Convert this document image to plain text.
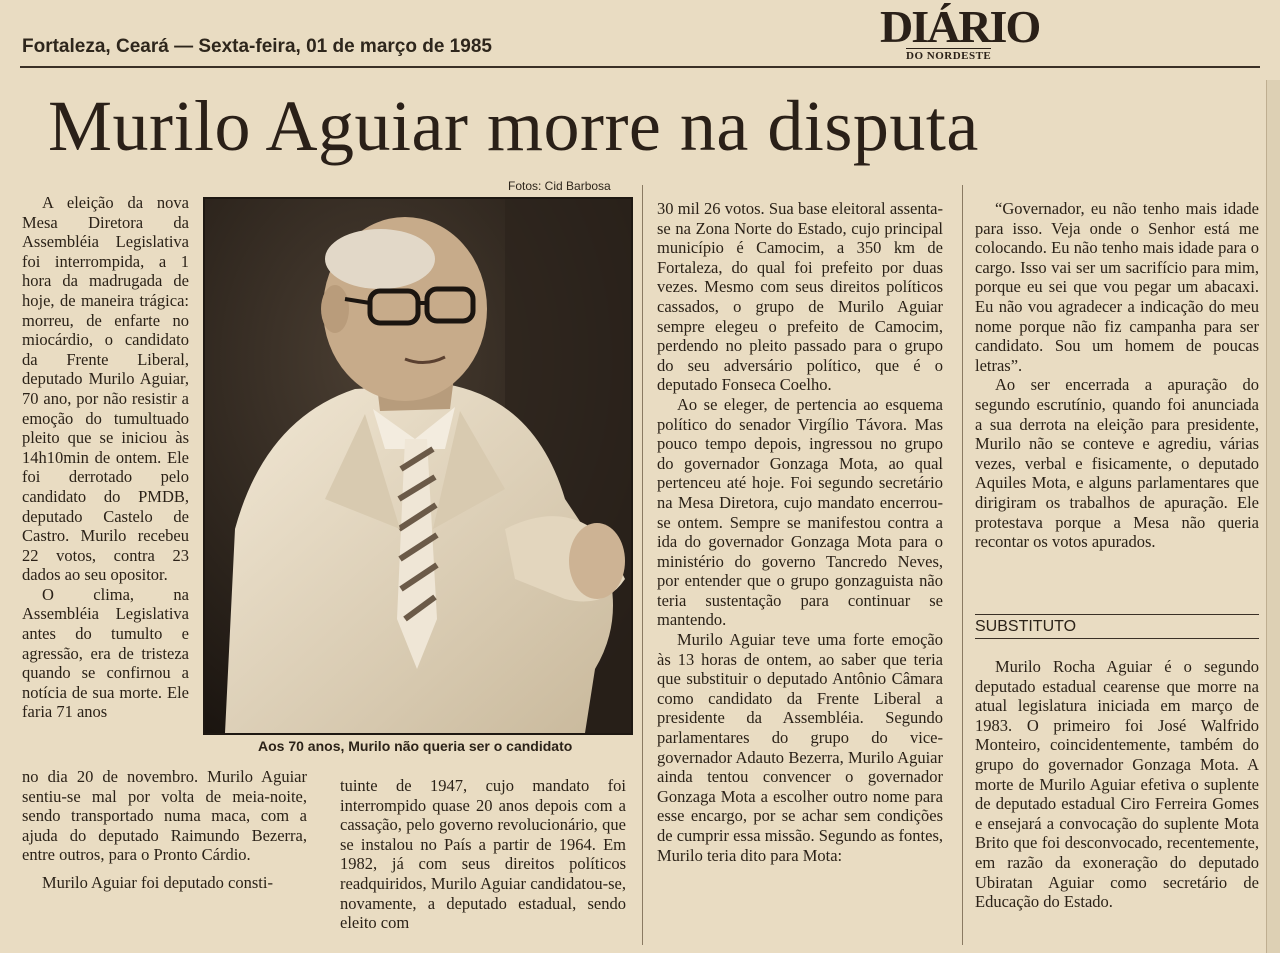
Fortaleza, Ceará — Sexta-feira, 01 de março de 1985	DIÁRIO
DO NORDESTE
Murilo Aguiar morre na disputa
Fotos: Cid Barbosa
Aos 70 anos, Murilo não queria ser o candidato

A eleição da nova Mesa Diretora da Assembléia Legislativa foi interrompida, a 1 hora da madrugada de hoje, de maneira trágica: morreu, de enfarte no miocárdio, o candidato da Frente Liberal, deputado Murilo Aguiar, 70 ano, por não resistir a emoção do tumultuado pleito que se iniciou às 14h10min de ontem. Ele foi derrotado pelo candidato do PMDB, deputado Castelo de Castro. Murilo recebeu 22 votos, contra 23 dados ao seu opositor.

O clima, na Assembléia Legislativa antes do tumulto e agressão, era de tristeza quando se confirnou a notícia de sua morte. Ele faria 71 anos

no dia 20 de novembro. Murilo Aguiar sentiu-se mal por volta de meia-noite, sendo transportado numa maca, com a ajuda do deputado Raimundo Bezerra, entre outros, para o Pronto Cárdio.

Murilo Aguiar foi deputado consti-

tuinte de 1947, cujo mandato foi interrompido quase 20 anos depois com a cassação, pelo governo revolucionário, que se instalou no País a partir de 1964. Em 1982, já com seus direitos políticos readquiridos, Murilo Aguiar candidatou-se, novamente, a deputado estadual, sendo eleito com

30 mil 26 votos. Sua base eleitoral assenta-se na Zona Norte do Estado, cujo principal município é Camocim, a 350 km de Fortaleza, do qual foi prefeito por duas vezes. Mesmo com seus direitos políticos cassados, o grupo de Murilo Aguiar sempre elegeu o prefeito de Camocim, perdendo no pleito passado para o grupo do seu adversário político, que é o deputado Fonseca Coelho.

Ao se eleger, de pertencia ao esquema político do senador Virgílio Távora. Mas pouco tempo depois, ingressou no grupo do governador Gonzaga Mota, ao qual pertenceu até hoje. Foi segundo secretário na Mesa Diretora, cujo mandato encerrou-se ontem. Sempre se manifestou contra a ida do governador Gonzaga Mota para o ministério do governo Tancredo Neves, por entender que o grupo gonzaguista não teria sustentação para continuar se mantendo.

Murilo Aguiar teve uma forte emoção às 13 horas de ontem, ao saber que teria que substituir o deputado Antônio Câmara como candidato da Frente Liberal a presidente da Assembléia. Segundo parlamentares do grupo do vice-governador Adauto Bezerra, Murilo Aguiar ainda tentou convencer o governador Gonzaga Mota a escolher outro nome para esse encargo, por se achar sem condições de cumprir essa missão. Segundo as fontes, Murilo teria dito para Mota:

“Governador, eu não tenho mais idade para isso. Veja onde o Senhor está me colocando. Eu não tenho mais idade para o cargo. Isso vai ser um sacrifício para mim, porque eu sei que vou pegar um abacaxi. Eu não vou agradecer a indicação do meu nome porque não fiz campanha para ser candidato. Sou um homem de poucas letras”.

Ao ser encerrada a apuração do segundo escrutínio, quando foi anunciada a sua derrota na eleição para presidente, Murilo não se conteve e agrediu, várias vezes, verbal e fisicamente, o deputado Aquiles Mota, e alguns parlamentares que dirigiram os trabalhos de apuração. Ele protestava porque a Mesa não queria recontar os votos apurados.

SUBSTITUTO

Murilo Rocha Aguiar é o segundo deputado estadual cearense que morre na atual legislatura iniciada em março de 1983. O primeiro foi José Walfrido Monteiro, coincidentemente, também do grupo do governador Gonzaga Mota. A morte de Murilo Aguiar efetiva o suplente de deputado estadual Ciro Ferreira Gomes e ensejará a convocação do suplente Mota Brito que foi desconvocado, recentemente, em razão da exoneração do deputado Ubiratan Aguiar como secretário de Educação do Estado.
